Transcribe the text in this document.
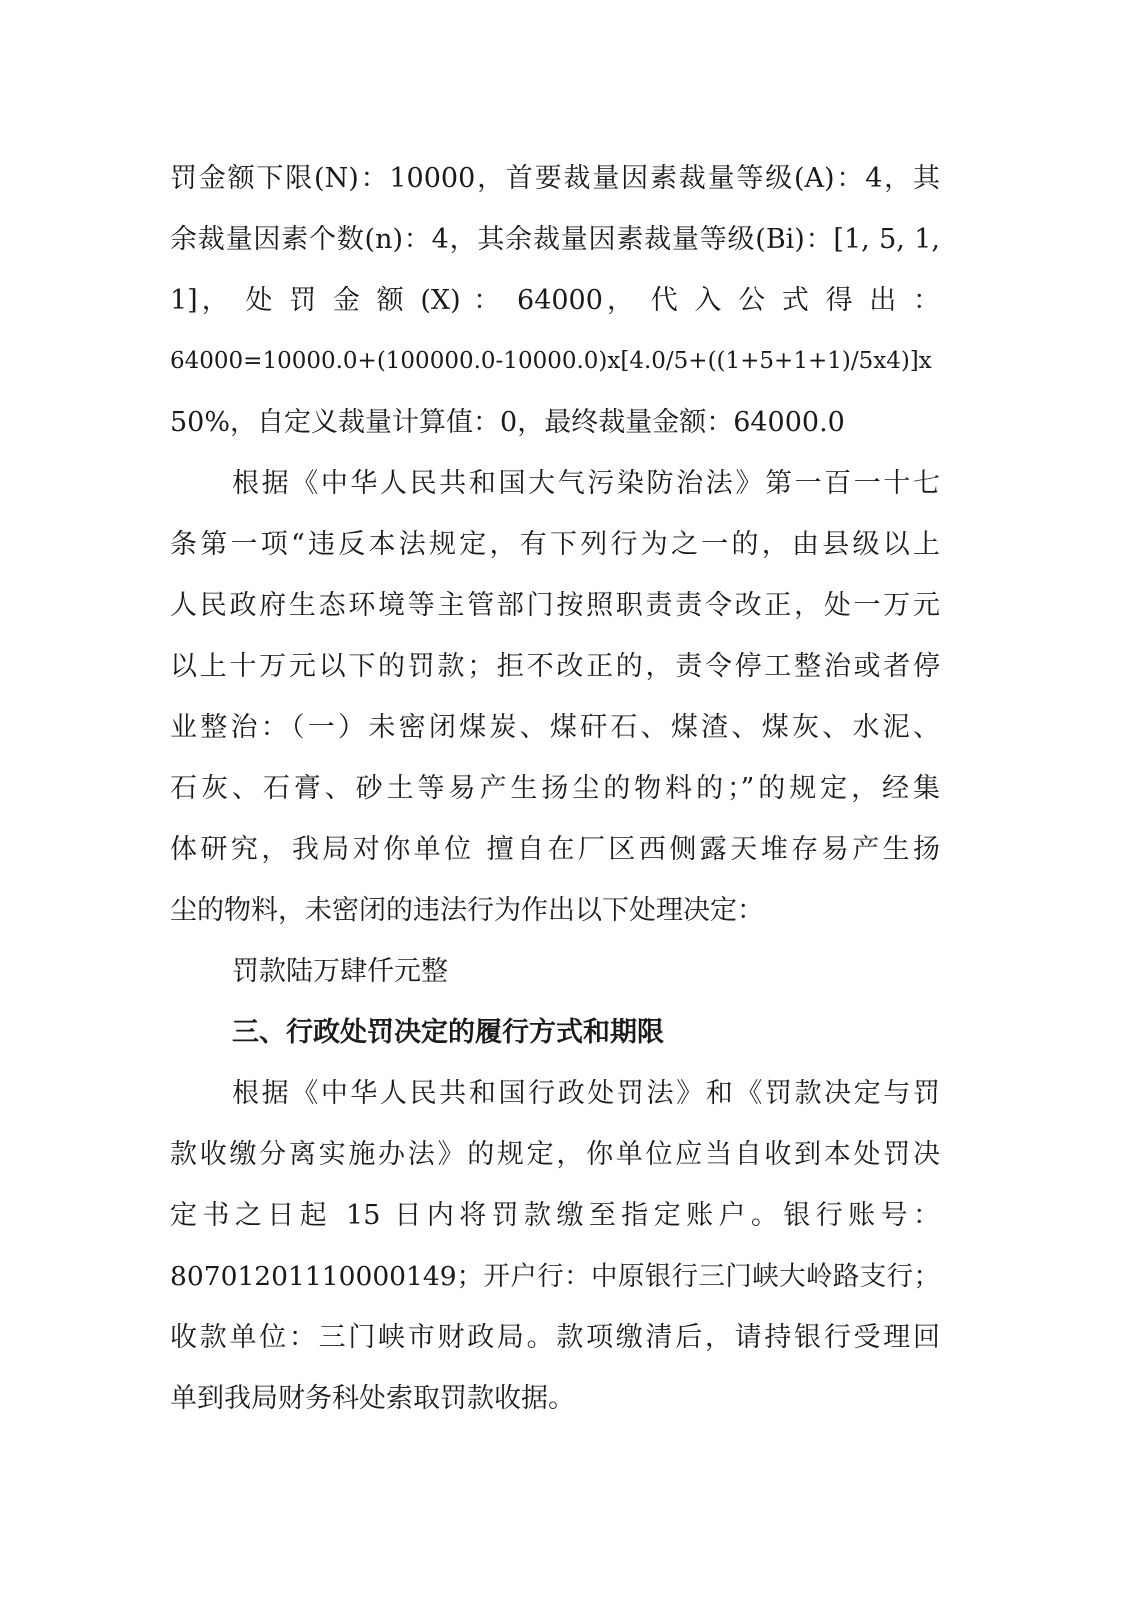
罚金额下限(N)：10000，首要裁量因素裁量等级(A)：4，其
余裁量因素个数(n)：4，其余裁量因素裁量等级(Bi)：[1, 5, 1,
1]， 处 罚 金 额 (X) ： 64000， 代 入 公 式 得 出 ：
64000=10000.0+(100000.0-10000.0)x[4.0/5+((1+5+1+1)/5x4)]x
50%，自定义裁量计算值：0，最终裁量金额：64000.0
根据《中华人民共和国大气污染防治法》第一百一十七
条第一项“违反本法规定，有下列行为之一的，由县级以上
人民政府生态环境等主管部门按照职责责令改正，处一万元
以上十万元以下的罚款；拒不改正的，责令停工整治或者停
业整治：（一）未密闭煤炭、煤矸石、煤渣、煤灰、水泥、
石灰、石膏、砂土等易产生扬尘的物料的；”的规定，经集
体研究，我局对你单位 擅自在厂区西侧露天堆存易产生扬
尘的物料，未密闭的违法行为作出以下处理决定：
罚款陆万肆仟元整
三、行政处罚决定的履行方式和期限
根据《中华人民共和国行政处罚法》和《罚款决定与罚
款收缴分离实施办法》的规定，你单位应当自收到本处罚决
定书之日起 15 日内将罚款缴至指定账户。银行账号：
80701201110000149；开户行：中原银行三门峡大岭路支行；
收款单位：三门峡市财政局。款项缴清后，请持银行受理回
单到我局财务科处索取罚款收据。
